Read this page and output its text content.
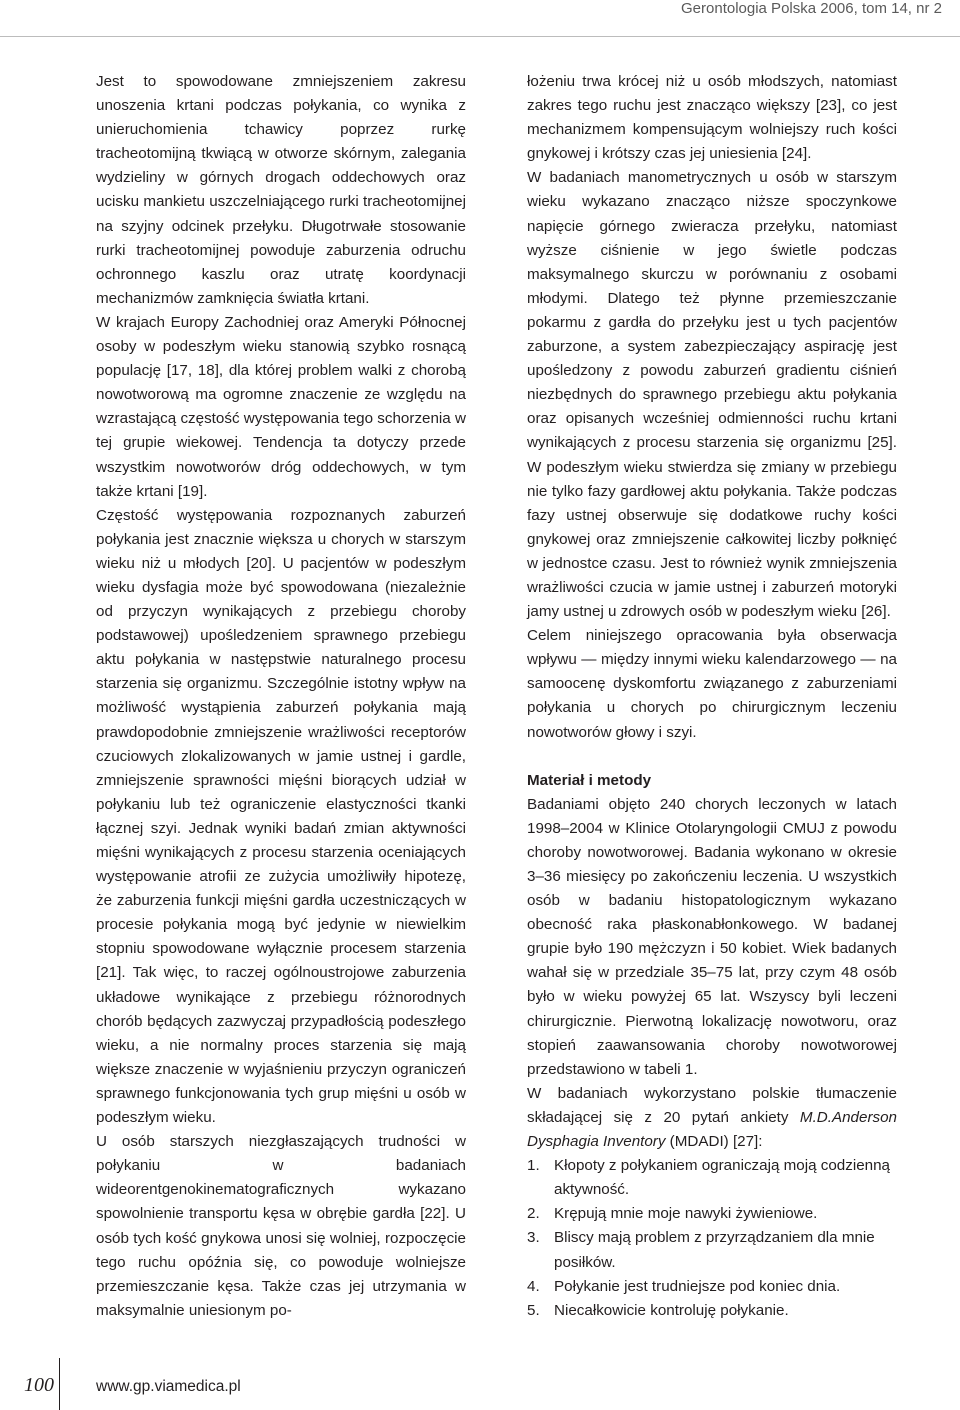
Gerontologia Polska 2006, tom 14, nr 2

Jest to spowodowane zmniejszeniem zakresu unoszenia krtani podczas połykania, co wynika z unieruchomienia tchawicy poprzez rurkę tracheotomijną tkwiącą w otworze skórnym, zalegania wydzieliny w górnych drogach oddechowych oraz ucisku mankietu uszczelniającego rurki tracheotomijnej na szyjny odcinek przełyku. Długotrwałe stosowanie rurki tracheotomijnej powoduje zaburzenia odruchu ochronnego kaszlu oraz utratę koordynacji mechanizmów zamknięcia światła krtani.

W krajach Europy Zachodniej oraz Ameryki Północnej osoby w podeszłym wieku stanowią szybko rosnącą populację [17, 18], dla której problem walki z chorobą nowotworową ma ogromne znaczenie ze względu na wzrastającą częstość występowania tego schorzenia w tej grupie wiekowej. Tendencja ta dotyczy przede wszystkim nowotworów dróg oddechowych, w tym także krtani [19].

Częstość występowania rozpoznanych zaburzeń połykania jest znacznie większa u chorych w starszym wieku niż u młodych [20]. U pacjentów w podeszłym wieku dysfagia może być spowodowana (niezależnie od przyczyn wynikających z przebiegu choroby podstawowej) upośledzeniem sprawnego przebiegu aktu połykania w następstwie naturalnego procesu starzenia się organizmu. Szczególnie istotny wpływ na możliwość wystąpienia zaburzeń połykania mają prawdopodobnie zmniejszenie wrażliwości receptorów czuciowych zlokalizowanych w jamie ustnej i gardle, zmniejszenie sprawności mięśni biorących udział w połykaniu lub też ograniczenie elastyczności tkanki łącznej szyi. Jednak wyniki badań zmian aktywności mięśni wynikających z procesu starzenia oceniających występowanie atrofii ze zużycia umożliwiły hipotezę, że zaburzenia funkcji mięśni gardła uczestniczących w procesie połykania mogą być jedynie w niewielkim stopniu spowodowane wyłącznie procesem starzenia [21]. Tak więc, to raczej ogólnoustrojowe zaburzenia układowe wynikające z przebiegu różnorodnych chorób będących zazwyczaj przypadłością podeszłego wieku, a nie normalny proces starzenia się mają większe znaczenie w wyjaśnieniu przyczyn ograniczeń sprawnego funkcjonowania tych grup mięśni u osób w podeszłym wieku.

U osób starszych niezgłaszających trudności w połykaniu w badaniach wideorentgenokinematograficznych wykazano spowolnienie transportu kęsa w obrębie gardła [22]. U osób tych kość gnykowa unosi się wolniej, rozpoczęcie tego ruchu opóźnia się, co powoduje wolniejsze przemieszczanie kęsa. Także czas jej utrzymania w maksymalnie uniesionym po-

łożeniu trwa krócej niż u osób młodszych, natomiast zakres tego ruchu jest znacząco większy [23], co jest mechanizmem kompensującym wolniejszy ruch kości gnykowej i krótszy czas jej uniesienia [24].

W badaniach manometrycznych u osób w starszym wieku wykazano znacząco niższe spoczynkowe napięcie górnego zwieracza przełyku, natomiast wyższe ciśnienie w jego świetle podczas maksymalnego skurczu w porównaniu z osobami młodymi. Dlatego też płynne przemieszczanie pokarmu z gardła do przełyku jest u tych pacjentów zaburzone, a system zabezpieczający aspirację jest upośledzony z powodu zaburzeń gradientu ciśnień niezbędnych do sprawnego przebiegu aktu połykania oraz opisanych wcześniej odmienności ruchu krtani wynikających z procesu starzenia się organizmu [25]. W podeszłym wieku stwierdza się zmiany w przebiegu nie tylko fazy gardłowej aktu połykania. Także podczas fazy ustnej obserwuje się dodatkowe ruchy kości gnykowej oraz zmniejszenie całkowitej liczby połknięć w jednostce czasu. Jest to również wynik zmniejszenia wrażliwości czucia w jamie ustnej i zaburzeń motoryki jamy ustnej u zdrowych osób w podeszłym wieku [26].

Celem niniejszego opracowania była obserwacja wpływu — między innymi wieku kalendarzowego — na samoocenę dyskomfortu związanego z zaburzeniami połykania u chorych po chirurgicznym leczeniu nowotworów głowy i szyi.

Materiał i metody

Badaniami objęto 240 chorych leczonych w latach 1998–2004 w Klinice Otolaryngologii CMUJ z powodu choroby nowotworowej. Badania wykonano w okresie 3–36 miesięcy po zakończeniu leczenia. U wszystkich osób w badaniu histopatologicznym wykazano obecność raka płaskonabłonkowego. W badanej grupie było 190 mężczyzn i 50 kobiet. Wiek badanych wahał się w przedziale 35–75 lat, przy czym 48 osób było w wieku powyżej 65 lat. Wszyscy byli leczeni chirurgicznie. Pierwotną lokalizację nowotworu, oraz stopień zaawansowania choroby nowotworowej przedstawiono w tabeli 1.

W badaniach wykorzystano polskie tłumaczenie składającej się z 20 pytań ankiety M.D.Anderson Dysphagia Inventory (MDADI) [27]:

1. Kłopoty z połykaniem ograniczają moją codzienną aktywność.
2. Krępują mnie moje nawyki żywieniowe.
3. Bliscy mają problem z przyrządzaniem dla mnie posiłków.
4. Połykanie jest trudniejsze pod koniec dnia.
5. Niecałkowicie kontroluję połykanie.
100	www.gp.viamedica.pl
